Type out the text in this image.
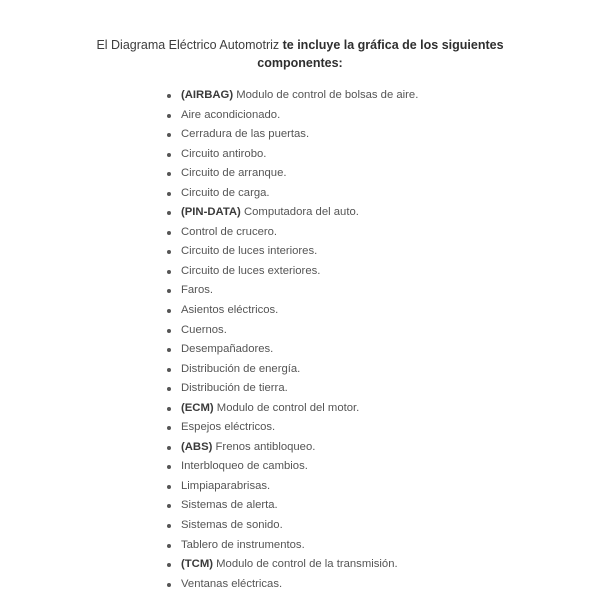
El Diagrama Eléctrico Automotriz te incluye la gráfica de los siguientes
componentes:
(AIRBAG) Modulo de control de bolsas de aire.
Aire acondicionado.
Cerradura de las puertas.
Circuito antirobo.
Circuito de arranque.
Circuito de carga.
(PIN-DATA) Computadora del auto.
Control de crucero.
Circuito de luces interiores.
Circuito de luces exteriores.
Faros.
Asientos eléctricos.
Cuernos.
Desempañadores.
Distribución de energía.
Distribución de tierra.
(ECM) Modulo de control del motor.
Espejos eléctricos.
(ABS) Frenos antibloqueo.
Interbloqueo de cambios.
Limpiaparabrisas.
Sistemas de alerta.
Sistemas de sonido.
Tablero de instrumentos.
(TCM) Modulo de control de la transmisión.
Ventanas eléctricas.
